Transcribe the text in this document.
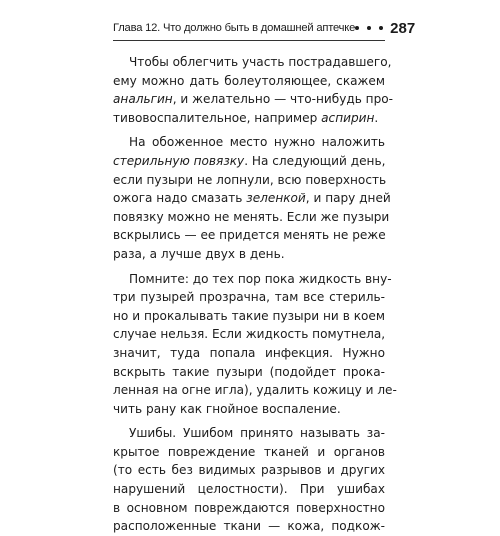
Глава 12. Что должно быть в домашней аптечке 287
Чтобы облегчить участь пострадавшего,
ему можно дать болеутоляющее, скажем
анальгин, и желательно — что-нибудь про-
тивовоспалительное, например аспирин.
На обоженное место нужно наложить
стерильную повязку. На следующий день,
если пузыри не лопнули, всю поверхность
ожога надо смазать зеленкой, и пару дней
повязку можно не менять. Если же пузыри
вскрылись — ее придется менять не реже
раза, а лучше двух в день.
Помните: до тех пор пока жидкость вну-
три пузырей прозрачна, там все стериль-
но и прокалывать такие пузыри ни в коем
случае нельзя. Если жидкость помутнела,
значит, туда попала инфекция. Нужно
вскрыть такие пузыри (подойдет прока-
ленная на огне игла), удалить кожицу и ле-
чить рану как гнойное воспаление.
Ушибы. Ушибом принято называть за-
крытое повреждение тканей и органов
(то есть без видимых разрывов и других
нарушений целостности). При ушибах
в основном повреждаются поверхностно
расположенные ткани — кожа, подкож-
